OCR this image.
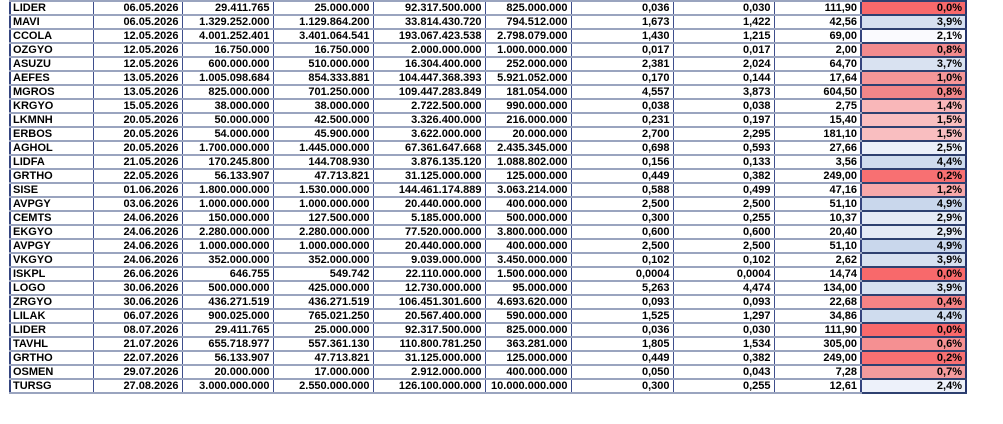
LIDER	06.05.2026	29.411.765	25.000.000	92.317.500.000	825.000.000	0,036	0,030	111,90	0,0%
MAVI	06.05.2026	1.329.252.000	1.129.864.200	33.814.430.720	794.512.000	1,673	1,422	42,56	3,9%
CCOLA	12.05.2026	4.001.252.401	3.401.064.541	193.067.423.538	2.798.079.000	1,430	1,215	69,00	2,1%
OZGYO	12.05.2026	16.750.000	16.750.000	2.000.000.000	1.000.000.000	0,017	0,017	2,00	0,8%
ASUZU	12.05.2026	600.000.000	510.000.000	16.304.400.000	252.000.000	2,381	2,024	64,70	3,7%
AEFES	13.05.2026	1.005.098.684	854.333.881	104.447.368.393	5.921.052.000	0,170	0,144	17,64	1,0%
MGROS	13.05.2026	825.000.000	701.250.000	109.447.283.849	181.054.000	4,557	3,873	604,50	0,8%
KRGYO	15.05.2026	38.000.000	38.000.000	2.722.500.000	990.000.000	0,038	0,038	2,75	1,4%
LKMNH	20.05.2026	50.000.000	42.500.000	3.326.400.000	216.000.000	0,231	0,197	15,40	1,5%
ERBOS	20.05.2026	54.000.000	45.900.000	3.622.000.000	20.000.000	2,700	2,295	181,10	1,5%
AGHOL	20.05.2026	1.700.000.000	1.445.000.000	67.361.647.668	2.435.345.000	0,698	0,593	27,66	2,5%
LIDFA	21.05.2026	170.245.800	144.708.930	3.876.135.120	1.088.802.000	0,156	0,133	3,56	4,4%
GRTHO	22.05.2026	56.133.907	47.713.821	31.125.000.000	125.000.000	0,449	0,382	249,00	0,2%
SISE	01.06.2026	1.800.000.000	1.530.000.000	144.461.174.889	3.063.214.000	0,588	0,499	47,16	1,2%
AVPGY	03.06.2026	1.000.000.000	1.000.000.000	20.440.000.000	400.000.000	2,500	2,500	51,10	4,9%
CEMTS	24.06.2026	150.000.000	127.500.000	5.185.000.000	500.000.000	0,300	0,255	10,37	2,9%
EKGYO	24.06.2026	2.280.000.000	2.280.000.000	77.520.000.000	3.800.000.000	0,600	0,600	20,40	2,9%
AVPGY	24.06.2026	1.000.000.000	1.000.000.000	20.440.000.000	400.000.000	2,500	2,500	51,10	4,9%
VKGYO	24.06.2026	352.000.000	352.000.000	9.039.000.000	3.450.000.000	0,102	0,102	2,62	3,9%
ISKPL	26.06.2026	646.755	549.742	22.110.000.000	1.500.000.000	0,0004	0,0004	14,74	0,0%
LOGO	30.06.2026	500.000.000	425.000.000	12.730.000.000	95.000.000	5,263	4,474	134,00	3,9%
ZRGYO	30.06.2026	436.271.519	436.271.519	106.451.301.600	4.693.620.000	0,093	0,093	22,68	0,4%
LILAK	06.07.2026	900.025.000	765.021.250	20.567.400.000	590.000.000	1,525	1,297	34,86	4,4%
LIDER	08.07.2026	29.411.765	25.000.000	92.317.500.000	825.000.000	0,036	0,030	111,90	0,0%
TAVHL	21.07.2026	655.718.977	557.361.130	110.800.781.250	363.281.000	1,805	1,534	305,00	0,6%
GRTHO	22.07.2026	56.133.907	47.713.821	31.125.000.000	125.000.000	0,449	0,382	249,00	0,2%
OSMEN	29.07.2026	20.000.000	17.000.000	2.912.000.000	400.000.000	0,050	0,043	7,28	0,7%
TURSG	27.08.2026	3.000.000.000	2.550.000.000	126.100.000.000	10.000.000.000	0,300	0,255	12,61	2,4%
